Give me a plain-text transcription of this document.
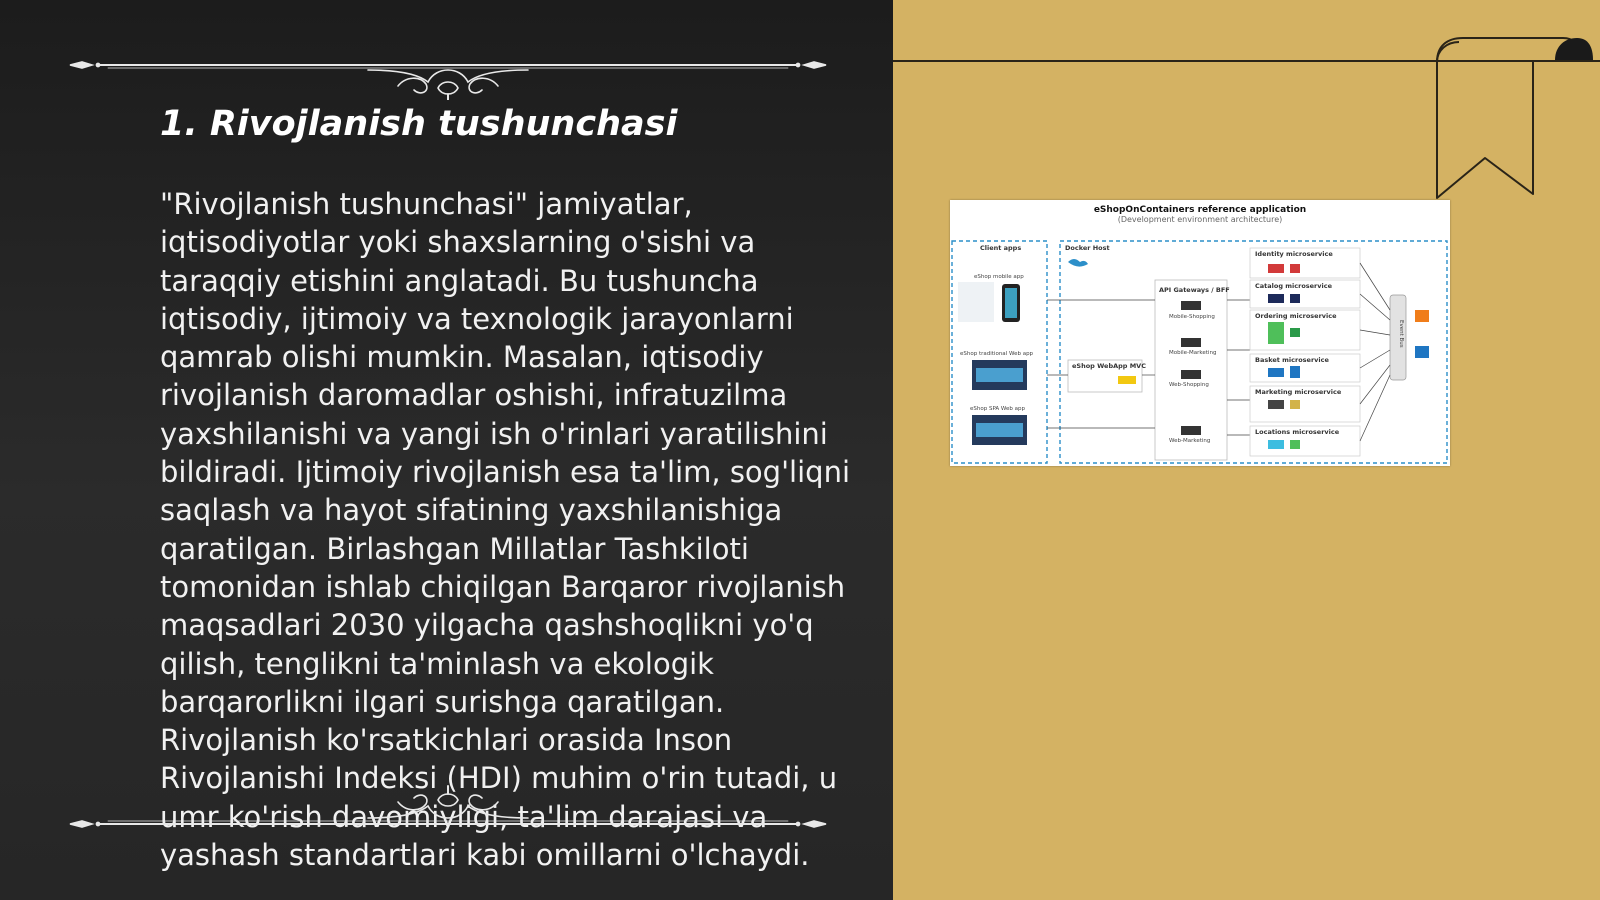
1. Rivojlanish tushunchasi

"Rivojlanish tushunchasi" jamiyatlar, iqtisodiyotlar yoki shaxslarning o'sishi va taraqqiy etishini anglatadi. Bu tushuncha iqtisodiy, ijtimoiy va texnologik jarayonlarni qamrab olishi mumkin. Masalan, iqtisodiy rivojlanish daromadlar oshishi, infratuzilma yaxshilanishi va yangi ish o'rinlari yaratilishini bildiradi. Ijtimoiy rivojlanish esa ta'lim, sog'liqni saqlash va hayot sifatining yaxshilanishiga qaratilgan. Birlashgan Millatlar Tashkiloti tomonidan ishlab chiqilgan Barqaror rivojlanish maqsadlari 2030 yilgacha qashshoqlikni yo'q qilish, tenglikni ta'minlash va ekologik barqarorlikni ilgari surishga qaratilgan. Rivojlanish ko'rsatkichlari orasida Inson Rivojlanishi Indeksi (HDI) muhim o'rin tutadi, u umr ko'rish davomiyligi, ta'lim darajasi va yashash standartlari kabi omillarni o'lchaydi.

eShopOnContainers reference application
(Development environment architecture)
Client apps	Docker Host
eShop mobile app
eShop traditional Web app
eShop SPA Web app
eShop WebApp MVC
API Gateways / BFF
Mobile-Shopping
Mobile-Marketing
Web-Shopping
Web-Marketing
Identity microservice
Catalog microservice
Ordering microservice
Basket microservice
Marketing microservice
Locations microservice
Event Bus
